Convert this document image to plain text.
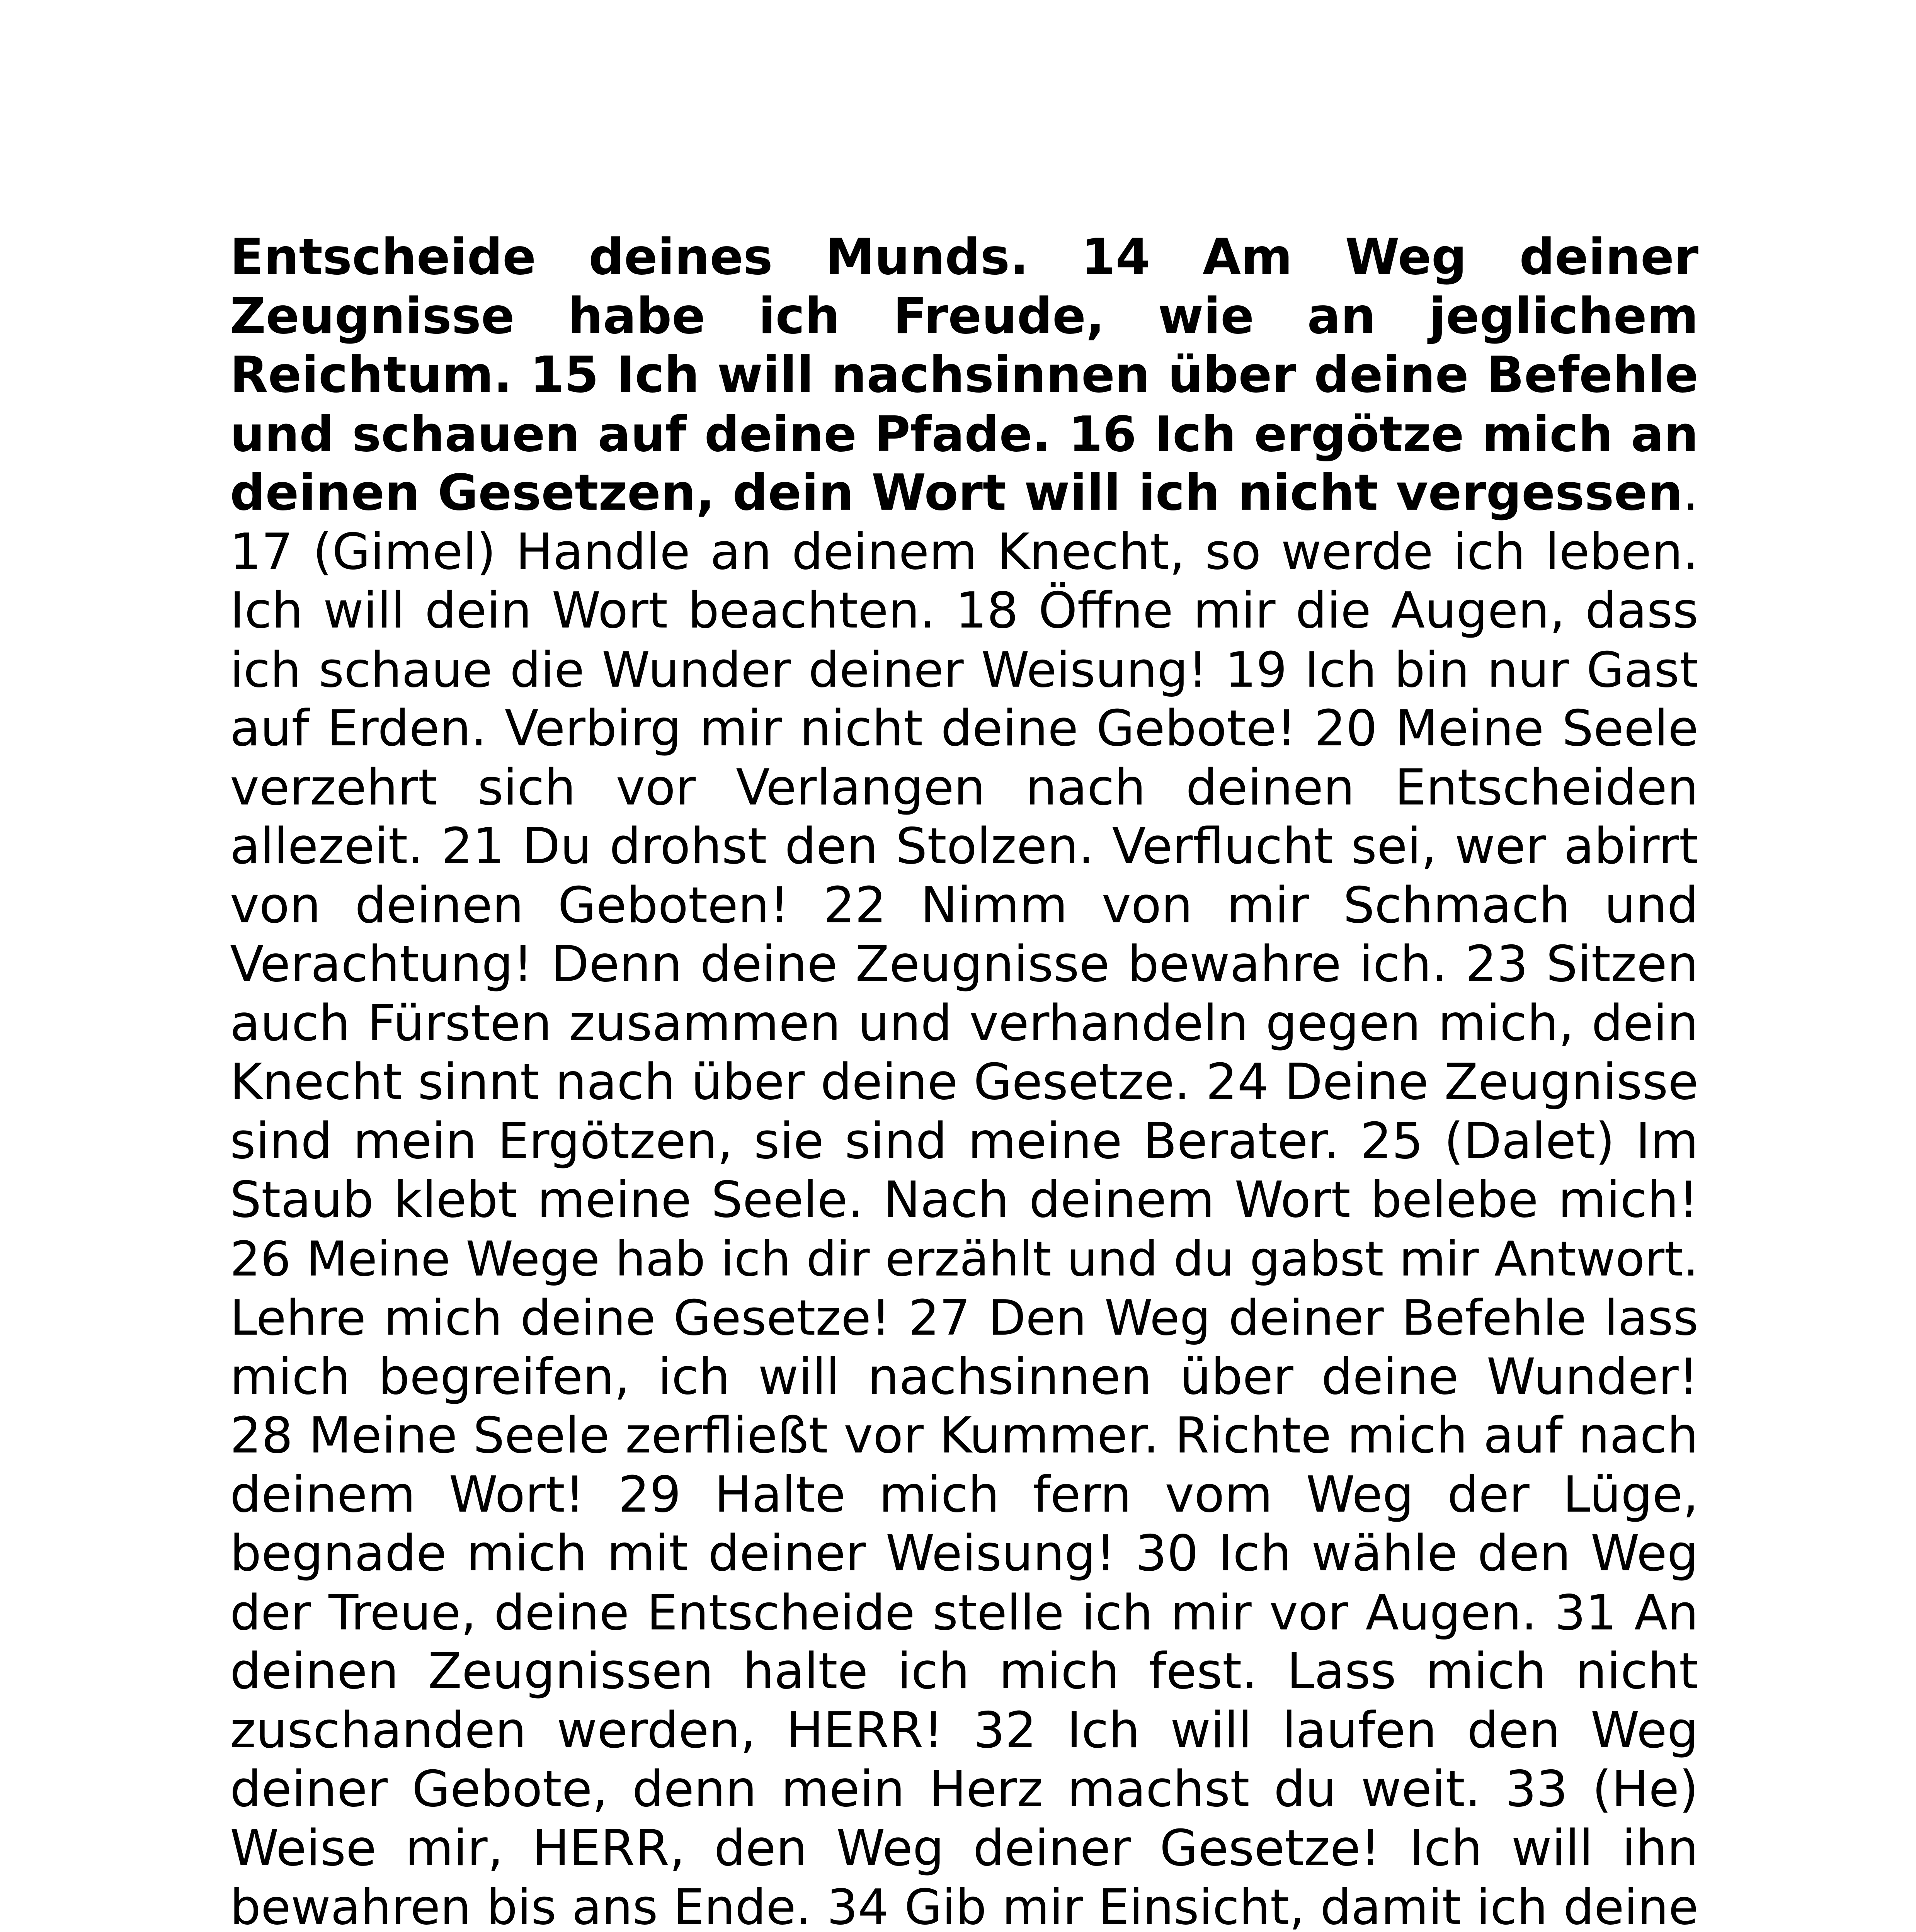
Entscheide deines Munds. 14 Am Weg deiner
Zeugnisse habe ich Freude, wie an jeglichem
Reichtum. 15 Ich will nachsinnen über deine Befehle
und schauen auf deine Pfade. 16 Ich ergötze mich an
deinen Gesetzen, dein Wort will ich nicht vergessen.
17 (Gimel) Handle an deinem Knecht, so werde ich leben.
Ich will dein Wort beachten. 18 Öffne mir die Augen, dass
ich schaue die Wunder deiner Weisung! 19 Ich bin nur Gast
auf Erden. Verbirg mir nicht deine Gebote! 20 Meine Seele
verzehrt sich vor Verlangen nach deinen Entscheiden
allezeit. 21 Du drohst den Stolzen. Verflucht sei, wer abirrt
von deinen Geboten! 22 Nimm von mir Schmach und
Verachtung! Denn deine Zeugnisse bewahre ich. 23 Sitzen
auch Fürsten zusammen und verhandeln gegen mich, dein
Knecht sinnt nach über deine Gesetze. 24 Deine Zeugnisse
sind mein Ergötzen, sie sind meine Berater. 25 (Dalet) Im
Staub klebt meine Seele. Nach deinem Wort belebe mich!
26 Meine Wege hab ich dir erzählt und du gabst mir Antwort.
Lehre mich deine Gesetze! 27 Den Weg deiner Befehle lass
mich begreifen, ich will nachsinnen über deine Wunder!
28 Meine Seele zerfließt vor Kummer. Richte mich auf nach
deinem Wort! 29 Halte mich fern vom Weg der Lüge,
begnade mich mit deiner Weisung! 30 Ich wähle den Weg
der Treue, deine Entscheide stelle ich mir vor Augen. 31 An
deinen Zeugnissen halte ich mich fest. Lass mich nicht
zuschanden werden, HERR! 32 Ich will laufen den Weg
deiner Gebote, denn mein Herz machst du weit. 33 (He)
Weise mir, HERR, den Weg deiner Gesetze! Ich will ihn
bewahren bis ans Ende. 34 Gib mir Einsicht, damit ich deine
